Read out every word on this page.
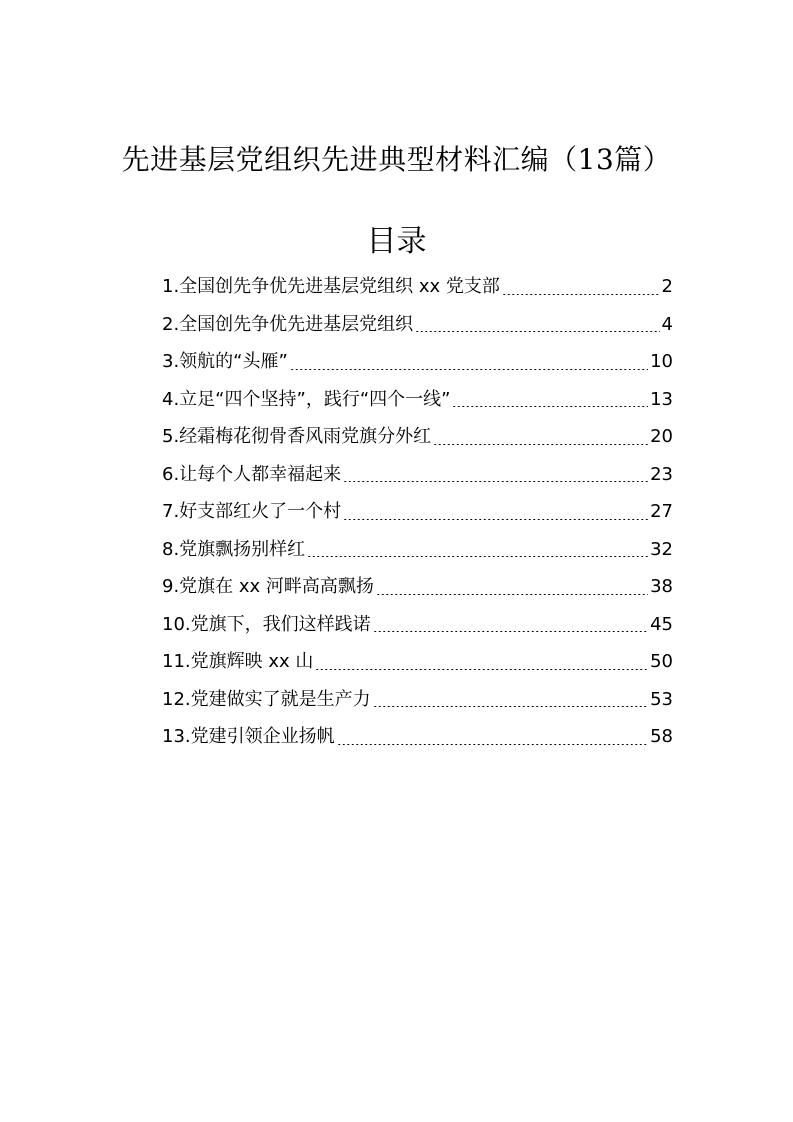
先进基层党组织先进典型材料汇编（13篇）
目录
1.全国创先争优先进基层党组织 xx 党支部	2
2.全国创先争优先进基层党组织	4
3.领航的“头雁”	10
4.立足“四个坚持”，践行“四个一线”	13
5.经霜梅花彻骨香风雨党旗分外红	20
6.让每个人都幸福起来	23
7.好支部红火了一个村	27
8.党旗飘扬别样红	32
9.党旗在 xx 河畔高高飘扬	38
10.党旗下，我们这样践诺	45
11.党旗辉映 xx 山	50
12.党建做实了就是生产力	53
13.党建引领企业扬帆	58
